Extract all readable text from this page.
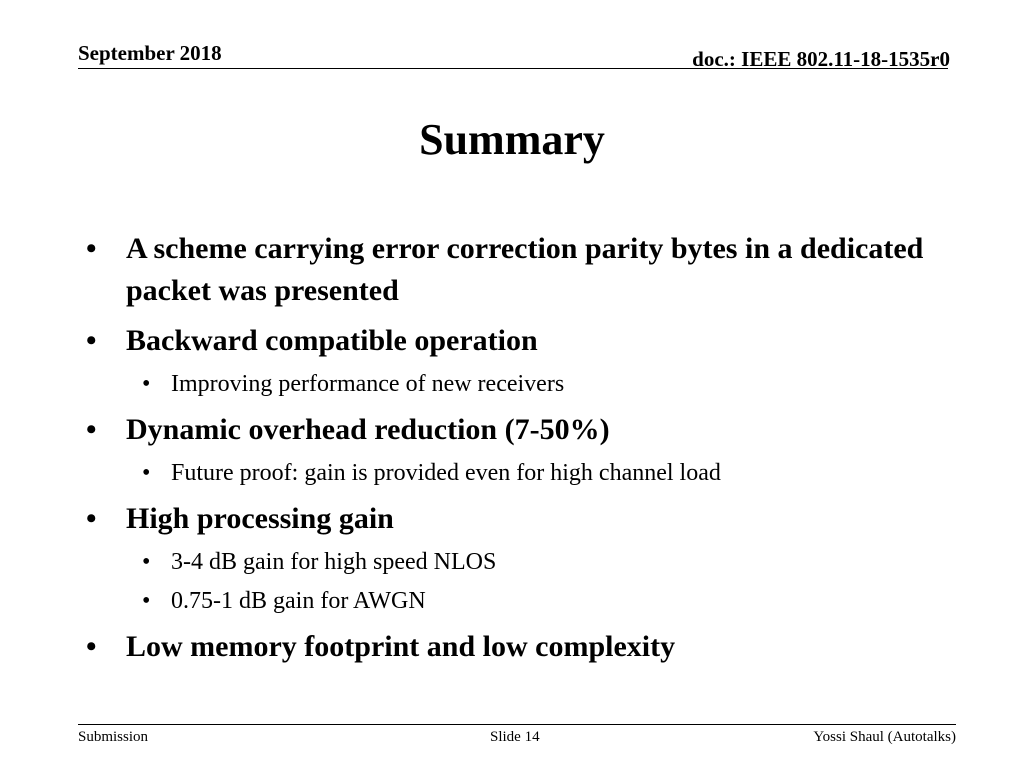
September 2018	doc.: IEEE 802.11-18-1535r0
Summary
• A scheme carrying error correction parity bytes in a dedicated packet was presented
• Backward compatible operation
• Improving performance of new receivers
• Dynamic overhead reduction (7-50%)
• Future proof: gain is provided even for high channel load
• High processing gain
• 3-4 dB gain for high speed NLOS
• 0.75-1 dB gain for AWGN
• Low memory footprint and low complexity
Submission	Slide 14	Yossi Shaul (Autotalks)
